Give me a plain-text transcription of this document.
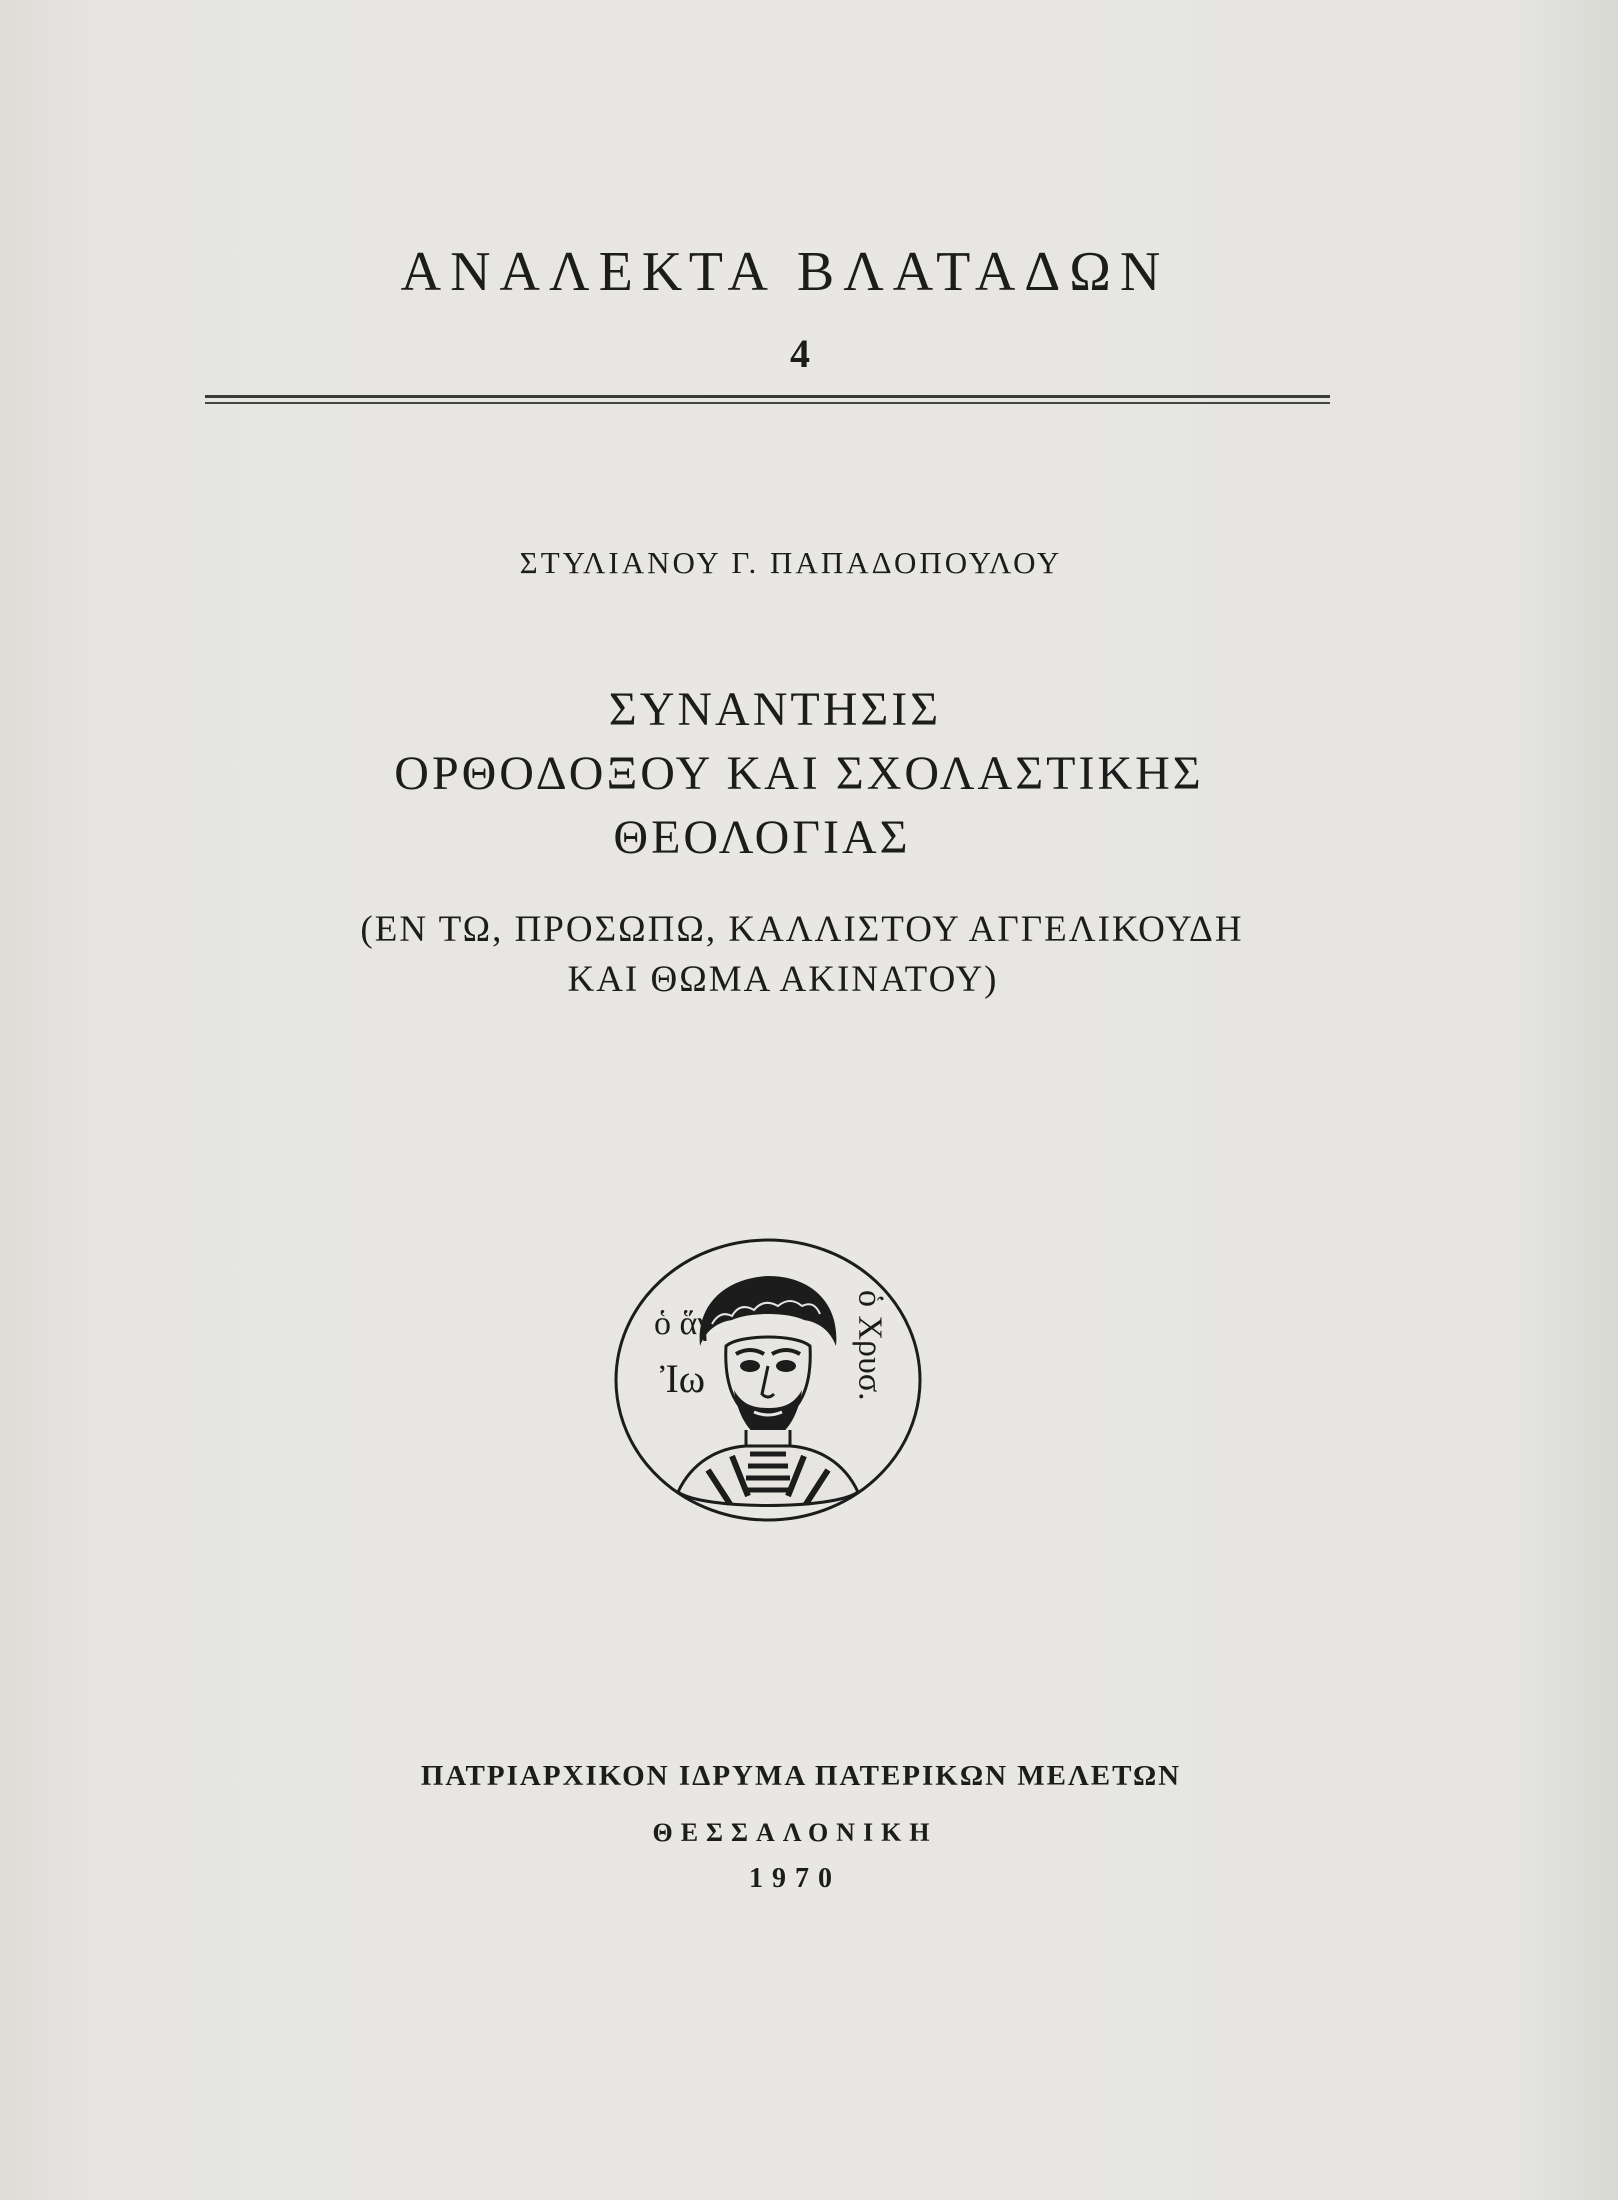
ΑΝΑΛΕΚΤΑ ΒΛΑΤΑΔΩΝ
4
ΣΤΥΛΙΑΝΟΥ Γ. ΠΑΠΑΔΟΠΟΥΛΟΥ
ΣΥΝΑΝΤΗΣΙΣ
ΟΡΘΟΔΟΞΟΥ ΚΑΙ ΣΧΟΛΑΣΤΙΚΗΣ
ΘΕΟΛΟΓΙΑΣ
(ΕΝ ΤΩ, ΠΡΟΣΩΠΩ, ΚΑΛΛΙΣΤΟΥ ΑΓΓΕΛΙΚΟΥΔΗ
ΚΑΙ ΘΩΜΑ ΑΚΙΝΑΤΟΥ)
ὁ ἅγ
Ἰω	ὁ Χρυσ.
ΠΑΤΡΙΑΡΧΙΚΟΝ ΙΔΡΥΜΑ ΠΑΤΕΡΙΚΩΝ ΜΕΛΕΤΩΝ
ΘΕΣΣΑΛΟΝΙΚΗ
1970
